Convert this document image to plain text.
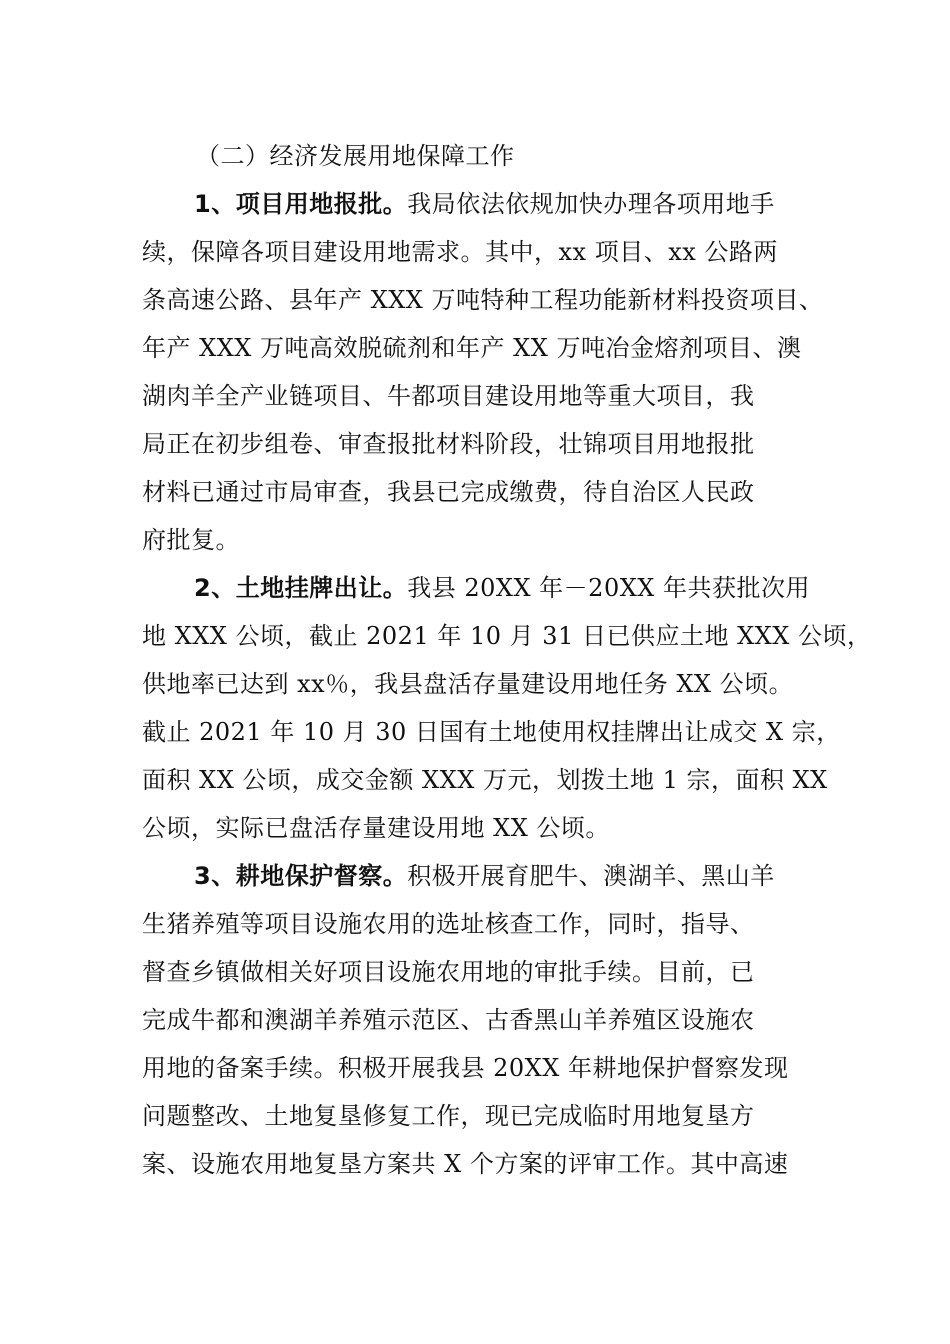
（二）经济发展用地保障工作
1、项目用地报批。我局依法依规加快办理各项用地手
续，保障各项目建设用地需求。其中，xx 项目、xx 公路两
条高速公路、县年产 XXX 万吨特种工程功能新材料投资项目、
年产 XXX 万吨高效脱硫剂和年产 XX 万吨冶金熔剂项目、澳
湖肉羊全产业链项目、牛都项目建设用地等重大项目，我
局正在初步组卷、审查报批材料阶段，壮锦项目用地报批
材料已通过市局审查，我县已完成缴费，待自治区人民政
府批复。
2、土地挂牌出让。我县 20XX 年－20XX 年共获批次用
地 XXX 公顷，截止 2021 年 10 月 31 日已供应土地 XXX 公顷，
供地率已达到 xx％，我县盘活存量建设用地任务 XX 公顷。
截止 2021 年 10 月 30 日国有土地使用权挂牌出让成交 X 宗，
面积 XX 公顷，成交金额 XXX 万元，划拨土地 1 宗，面积 XX
公顷，实际已盘活存量建设用地 XX 公顷。
3、耕地保护督察。积极开展育肥牛、澳湖羊、黑山羊
生猪养殖等项目设施农用的选址核查工作，同时，指导、
督查乡镇做相关好项目设施农用地的审批手续。目前，已
完成牛都和澳湖羊养殖示范区、古香黑山羊养殖区设施农
用地的备案手续。积极开展我县 20XX 年耕地保护督察发现
问题整改、土地复垦修复工作，现已完成临时用地复垦方
案、设施农用地复垦方案共 X 个方案的评审工作。其中高速
